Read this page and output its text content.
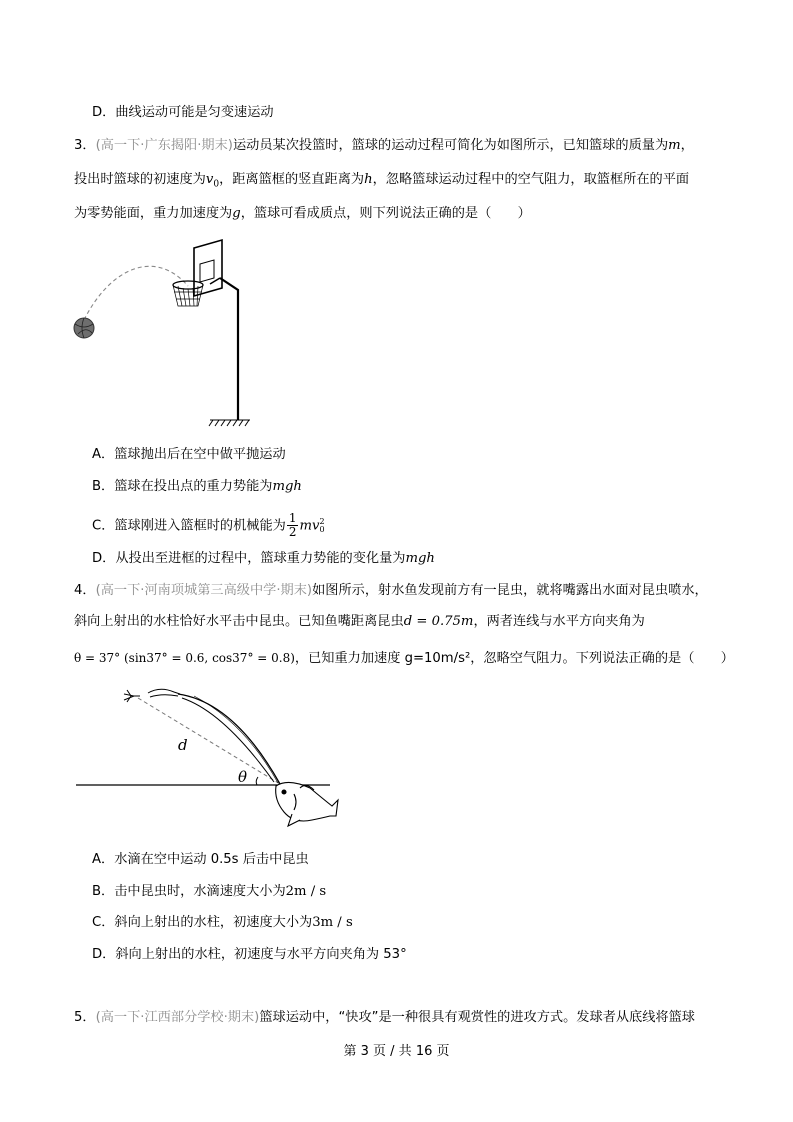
D．曲线运动可能是匀变速运动
3．(高一下·广东揭阳·期末)运动员某次投篮时，篮球的运动过程可简化为如图所示，已知篮球的质量为m，
投出时篮球的初速度为$v_0$，距离篮框的竖直距离为h，忽略篮球运动过程中的空气阻力，取篮框所在的平面
为零势能面，重力加速度为g，篮球可看成质点，则下列说法正确的是（　　）
A．篮球抛出后在空中做平抛运动
B．篮球在投出点的重力势能为mgh
C．篮球刚进入篮框时的机械能为 $\frac{1}{2}$ mv 2
0
D．从投出至进框的过程中，篮球重力势能的变化量为mgh
4．(高一下·河南项城第三高级中学·期末)如图所示，射水鱼发现前方有一昆虫，就将嘴露出水面对昆虫喷水，
斜向上射出的水柱恰好水平击中昆虫。已知鱼嘴距离昆虫d = 0.75m，两者连线与水平方向夹角为
θ = 37° (sin37° = 0.6, cos37° = 0.8)，已知重力加速度 g=10m/s²，忽略空气阻力。下列说法正确的是（　　）
d
θ
A．水滴在空中运动 0.5s 后击中昆虫
B．击中昆虫时，水滴速度大小为2m / s
C．斜向上射出的水柱，初速度大小为3m / s
D．斜向上射出的水柱，初速度与水平方向夹角为 53°
5．(高一下·江西部分学校·期末)篮球运动中，“快攻”是一种很具有观赏性的进攻方式。发球者从底线将篮球
第 3 页 / 共 16 页
